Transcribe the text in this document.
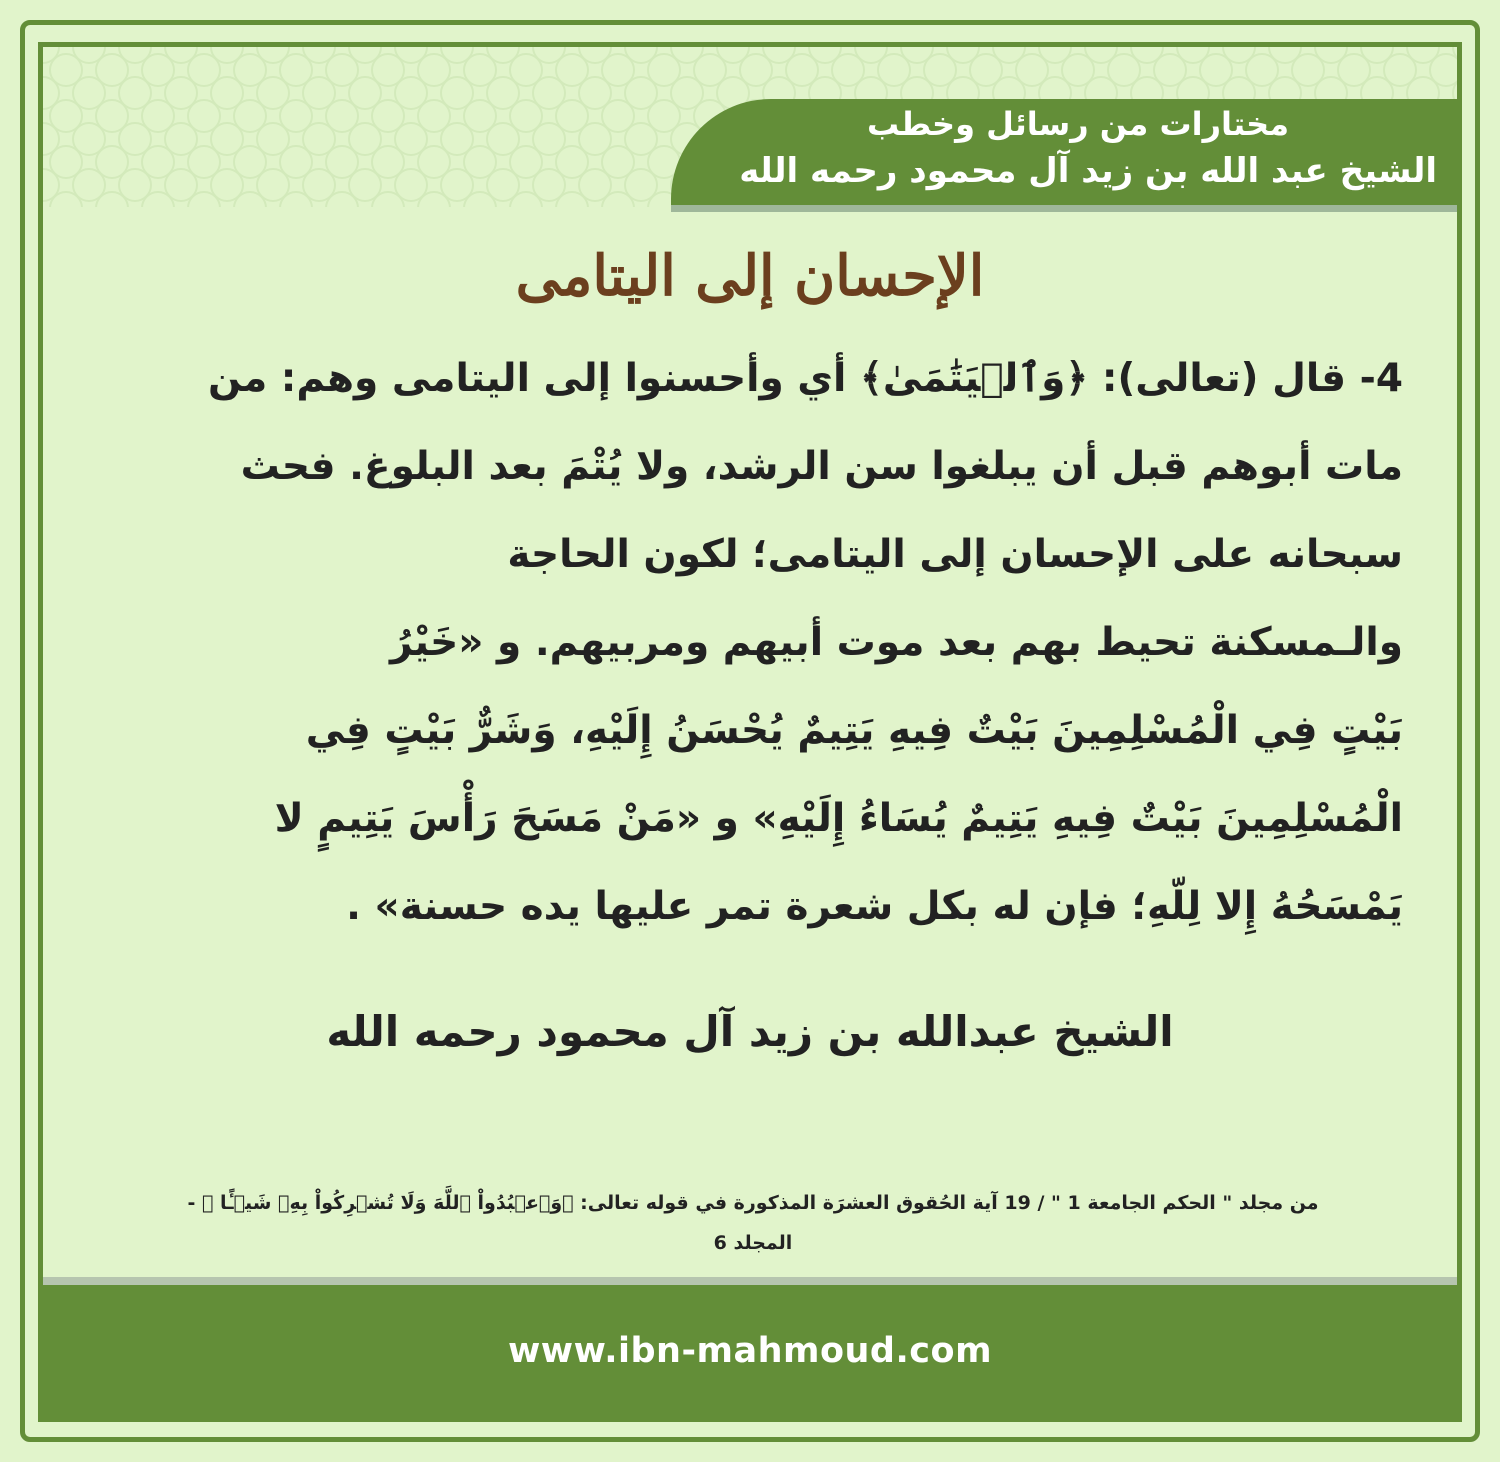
مختارات من رسائل وخطب
الشيخ عبد الله بن زيد آل محمود رحمه الله
الإحسان إلى اليتامى

4- قال (تعالى): ﴿وَٱلۡيَتَٰمَىٰ﴾ أي وأحسنوا إلى اليتامى وهم: من

مات أبوهم قبل أن يبلغوا سن الرشد، ولا يُتْمَ بعد البلوغ. فحث

سبحانه على الإحسان إلى اليتامى؛ لكون الحاجة

والـمسكنة تحيط بهم بعد موت أبيهم ومربيهم. و «خَيْرُ

بَيْتٍ فِي الْمُسْلِمِينَ بَيْتٌ فِيهِ يَتِيمٌ يُحْسَنُ إِلَيْهِ، وَشَرٌّ بَيْتٍ فِي

الْمُسْلِمِينَ بَيْتٌ فِيهِ يَتِيمٌ يُسَاءُ إِلَيْهِ» و «مَنْ مَسَحَ رَأْسَ يَتِيمٍ لا

يَمْسَحُهُ إِلا لِلّهِ؛ فإن له بكل شعرة تمر عليها يده حسنة» .

الشيخ عبدالله بن زيد آل محمود رحمه الله
من مجلد " الحكم الجامعة 1 " / 19 آية الحُقوق العشرَة المذكورة في قوله تعالى: ﴿وَٱعۡبُدُواْ ٱللَّهَ وَلَا تُشۡرِكُواْ بِهِۦ شَيۡـًٔا ﴾ -
المجلد 6
www.ibn-mahmoud.com
